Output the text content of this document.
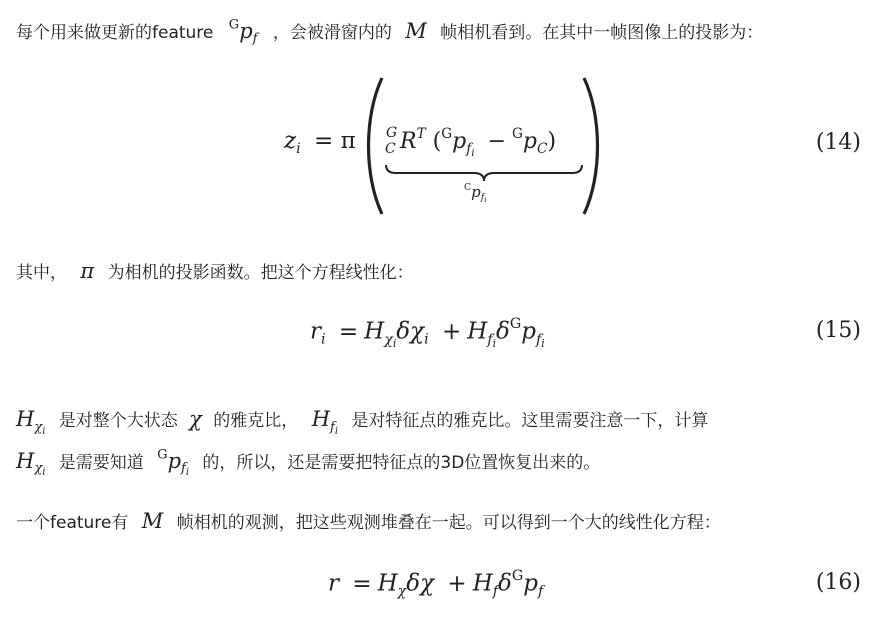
每个用来做更新的feature $^Gp_f$ ，会被滑窗内的 M 帧相机看到。在其中一帧图像上的投影为：
$z_i = \pi$ G
C $R^T$ $(^Gp_{f_i} - ^Gp_C)$
$^Cp_{f_i}$
(14)
其中， π 为相机的投影函数。把这个方程线性化：
$r_i = H_{\chi_i}\delta\chi_i + H_{f_i}\delta^Gp_{f_i}$
(15)
$H_{\chi_i}$ 是对整个大状态 χ 的雅克比， $H_{f_i}$ 是对特征点的雅克比。这里需要注意一下，计算
$H_{\chi_i}$ 是需要知道 $^Gp_{f_i}$ 的，所以，还是需要把特征点的3D位置恢复出来的。
一个feature有 M 帧相机的观测，把这些观测堆叠在一起。可以得到一个大的线性化方程：
$r = H_\chi\delta\chi + H_f\delta^Gp_f$	(16)
